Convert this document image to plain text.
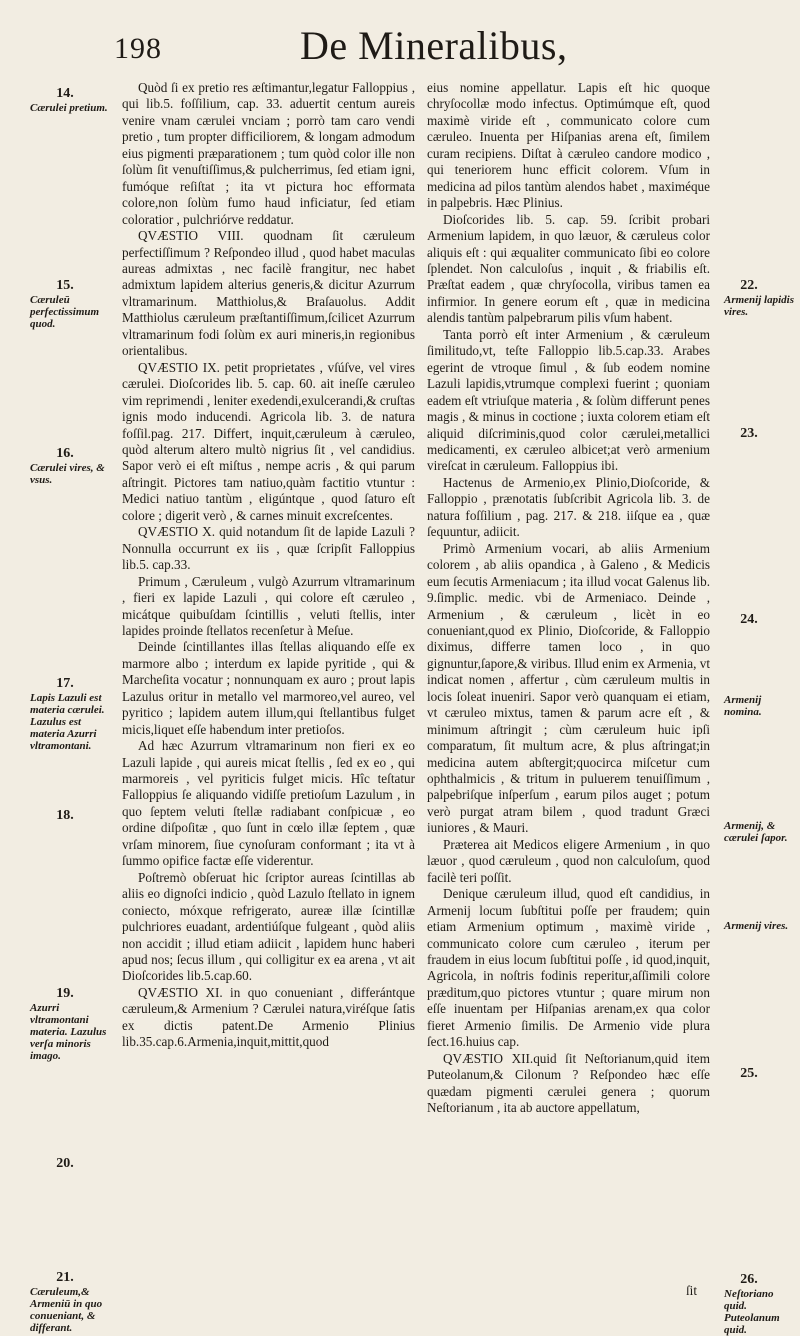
198	De Mineralibus,
14.
Cærulei pretium.
15.
Cæruleū perfectissimum quod.
16.
Cærulei vires, & vsus.
17.
Lapis Lazuli est materia cærulei. Lazulus est materia Azurri vltramontani.
18.
19.
Azurri vltramontani materia. Lazulus verſa minoris imago.
20.
21.
Cæruleum,& Armeniū in quo conueniant, & differant.

Quòd ſi ex pretio res æſtimantur,legatur Falloppius , qui lib.5. foſſilium, cap. 33. aduertit centum aureis venire vnam cærulei vnciam ; porrò tam caro vendi pretio , tum propter difficiliorem, & longam admodum eius pigmenti præparationem ; tum quòd color ille non ſolùm ſit venuſtiſſimus,& pulcherrimus, ſed etiam igni, fumóque reſiſtat ; ita vt pictura hoc efformata colore,non ſolùm fumo haud inficiatur, ſed etiam coloratior , pulchriórve reddatur.

QVÆSTIO VIII. quodnam ſit cæruleum perfectiſſimum ? Reſpondeo illud , quod habet maculas aureas admixtas , nec facilè frangitur, nec habet admixtum lapidem alterius generis,& dicitur Azurrum vltramarinum. Matthiolus,& Braſauolus. Addit Matthiolus cæruleum præſtantiſſimum,ſcilicet Azurrum vltramarinum fodi ſolùm ex auri mineris,in regionibus orientalibus.

QVÆSTIO IX. petit proprietates , vſúſve, vel vires cærulei. Dioſcorides lib. 5. cap. 60. ait ineſſe cæruleo vim reprimendi , leniter exedendi,exulcerandi,& cruſtas ignis modo inducendi. Agricola lib. 3. de natura foſſil.pag. 217. Differt, inquit,cæruleum à cæruleo, quòd alterum altero multò nigrius ſit , vel candidius. Sapor verò ei eſt miſtus , nempe acris , & qui parum aſtringit. Pictores tam natiuo,quàm factitio vtuntur : Medici natiuo tantùm , eligúntque , quod ſaturo eſt colore ; digerit verò , & carnes minuit excreſcentes.

QVÆSTIO X. quid notandum ſit de lapide Lazuli ? Nonnulla occurrunt ex iis , quæ ſcripſit Falloppius lib.5. cap.33.

Primum , Cæruleum , vulgò Azurrum vltramarinum , fieri ex lapide Lazuli , qui colore eſt cæruleo , micátque quibuſdam ſcintillis , veluti ſtellis, inter lapides proinde ſtellatos recenſetur à Meſue.

Deinde ſcintillantes illas ſtellas aliquando eſſe ex marmore albo ; interdum ex lapide pyritide , qui & Marcheſita vocatur ; nonnunquam ex auro ; prout lapis Lazulus oritur in metallo vel marmoreo,vel aureo, vel pyritico ; lapidem autem illum,qui ſtellantibus fulget micis,liquet eſſe habendum inter pretioſos.

Ad hæc Azurrum vltramarinum non fieri ex eo Lazuli lapide , qui aureis micat ſtellis , ſed ex eo , qui marmoreis , vel pyriticis fulget micis. Hîc teſtatur Falloppius ſe aliquando vidiſſe pretioſum Lazulum , in quo ſeptem veluti ſtellæ radiabant conſpicuæ , eo ordine diſpoſitæ , quo ſunt in cœlo illæ ſeptem , quæ vrſam minorem, ſiue cynoſuram conformant ; ita vt à ſummo opifice factæ eſſe viderentur.

Poſtremò obſeruat hic ſcriptor aureas ſcintillas ab aliis eo dignoſci indicio , quòd Lazulo ſtellato in ignem coniecto, móxque refrigerato, aureæ illæ ſcintillæ pulchriores euadant, ardentiúſque fulgeant , quòd aliis non accidit ; illud etiam adiicit , lapidem hunc haberi apud nos; ſecus illum , qui colligitur ex ea arena , vt ait Dioſcorides lib.5.cap.60.

QVÆSTIO XI. in quo conueniant , differántque cæruleum,& Armenium ? Cærulei natura,viréſque ſatis ex dictis patent.De Armenio Plinius lib.35.cap.6.Armenia,inquit,mittit,quod

eius nomine appellatur. Lapis eſt hic quoque chryſocollæ modo infectus. Optimúmque eſt, quod maximè viride eſt , communicato colore cum cæruleo. Inuenta per Hiſpanias arena eſt, ſimilem curam recipiens. Diſtat à cæruleo candore modico , qui teneriorem hunc efficit colorem. Vſum in medicina ad pilos tantùm alendos habet , maximéque in palpebris. Hæc Plinius.

Dioſcorides lib. 5. cap. 59. ſcribit probari Armenium lapidem, in quo læuor, & cæruleus color aliquis eſt : qui æqualiter communicato ſibi eo colore ſplendet. Non calculoſus , inquit , & friabilis eſt. Præſtat eadem , quæ chryſocolla, viribus tamen ea infirmior. In genere eorum eſt , quæ in medicina alendis tantùm palpebrarum pilis vſum habent.

Tanta porrò eſt inter Armenium , & cæruleum ſimilitudo,vt, teſte Falloppio lib.5.cap.33. Arabes egerint de vtroque ſimul , & ſub eodem nomine Lazuli lapidis,vtrumque complexi fuerint ; quoniam eadem eſt vtriuſque materia , & ſolùm differunt penes magis , & minus in coctione ; iuxta colorem etiam eſt aliquid diſcriminis,quod color cærulei,metallici medicamenti, ex cæruleo albicet;at verò armenium vireſcat in cæruleum. Falloppius ibi.

Hactenus de Armenio,ex Plinio,Dioſcoride, & Falloppio , prænotatis ſubſcribit Agricola lib. 3. de natura foſſilium , pag. 217. & 218. iiſque ea , quæ ſequuntur, adiicit.

Primò Armenium vocari, ab aliis Armenium colorem , ab aliis opandica , à Galeno , & Medicis eum ſecutis Armeniacum ; ita illud vocat Galenus lib. 9.ſimplic. medic. vbi de Armeniaco. Deinde , Armenium , & cæruleum , licèt in eo conueniant,quod ex Plinio, Dioſcoride, & Falloppio diximus, differre tamen loco , in quo gignuntur,ſapore,& viribus. Illud enim ex Armenia, vt indicat nomen , affertur , cùm cæruleum multis in locis ſoleat inueniri. Sapor verò quanquam ei etiam, vt cæruleo mixtus, tamen & parum acre eſt , & minimum aſtringit ; cùm cæruleum huic ipſi comparatum, ſit multum acre, & plus aſtringat;in medicina autem abſtergit;quocirca miſcetur cum ophthalmicis , & tritum in puluerem tenuiſſimum , palpebriſque inſperſum , earum pilos auget ; potum verò purgat atram bilem , quod tradunt Græci iuniores , & Mauri.

Præterea ait Medicos eligere Armenium , in quo læuor , quod cæruleum , quod non calculoſum, quod facilè teri poſſit.

Denique cæruleum illud, quod eſt candidius, in Armenij locum ſubſtitui poſſe per fraudem; quin etiam Armenium optimum , maximè viride , communicato colore cum cæruleo , iterum per fraudem in eius locum ſubſtitui poſſe , id quod,inquit, Agricola, in noſtris fodinis reperitur,aſſimili colore præditum,quo pictores vtuntur ; quare mirum non eſſe inuentam per Hiſpanias arenam,ex qua color fieret Armenio ſimilis. De Armenio vide plura ſect.16.huius cap.

QVÆSTIO XII.quid ſit Neſtorianum,quid item Puteolanum,& Cilonum ? Reſpondeo hæc eſſe quædam pigmenti cærulei genera ; quorum Neſtorianum , ita ab auctore appellatum,

22.
Armenij lapidis vires.
23.
24.
Armenij nomina.
Armenij, & cærulei ſapor.
Armenij vires.
25.
26.
Neſtoriano quid. Puteolanum quid.
ſit
